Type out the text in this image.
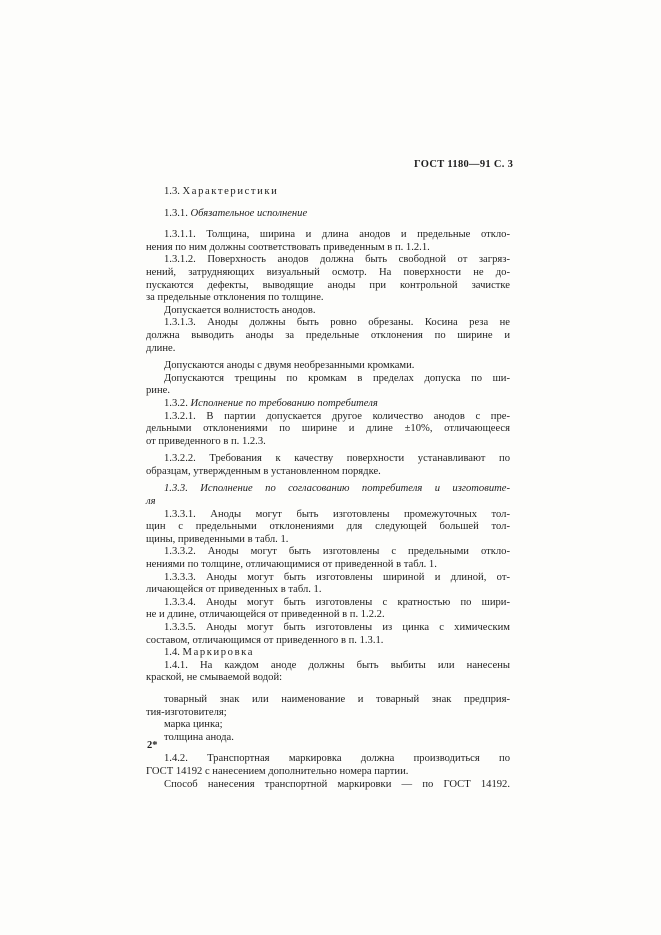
ГОСТ 1180—91 С. 3
1.3. Характеристики
1.3.1. Обязательное исполнение
1.3.1.1. Толщина, ширина и длина анодов и предельные откло-
нения по ним должны соответствовать приведенным в п. 1.2.1.
1.3.1.2. Поверхность анодов должна быть свободной от загряз-
нений, затрудняющих визуальный осмотр. На поверхности не до-
пускаются дефекты, выводящие аноды при контрольной зачистке
за предельные отклонения по толщине.
Допускается волнистость анодов.
1.3.1.3. Аноды должны быть ровно обрезаны. Косина реза не
должна выводить аноды за предельные отклонения по ширине и
длине.
Допускаются аноды с двумя необрезанными кромками.
Допускаются трещины по кромкам в пределах допуска по ши-
рине.
1.3.2. Исполнение по требованию потребителя
1.3.2.1. В партии допускается другое количество анодов с пре-
дельными отклонениями по ширине и длине ±10%, отличающееся
от приведенного в п. 1.2.3.
1.3.2.2. Требования к качеству поверхности устанавливают по
образцам, утвержденным в установленном порядке.
1.3.3. Исполнение по согласованию потребителя и изготовите-
ля
1.3.3.1. Аноды могут быть изготовлены промежуточных тол-
щин с предельными отклонениями для следующей большей тол-
щины, приведенными в табл. 1.
1.3.3.2. Аноды могут быть изготовлены с предельными откло-
нениями по толщине, отличающимися от приведенной в табл. 1.
1.3.3.3. Аноды могут быть изготовлены шириной и длиной, от-
личающейся от приведенных в табл. 1.
1.3.3.4. Аноды могут быть изготовлены с кратностью по шири-
не и длине, отличающейся от приведенной в п. 1.2.2.
1.3.3.5. Аноды могут быть изготовлены из цинка с химическим
составом, отличающимся от приведенного в п. 1.3.1.
1.4. Маркировка
1.4.1. На каждом аноде должны быть выбиты или нанесены
краской, не смываемой водой:
товарный знак или наименование и товарный знак предприя-
тия-изготовителя;
марка цинка;
толщина анода.
1.4.2. Транспортная маркировка должна производиться по
ГОСТ 14192 с нанесением дополнительно номера партии.
Способ нанесения транспортной маркировки — по ГОСТ 14192.
2*
